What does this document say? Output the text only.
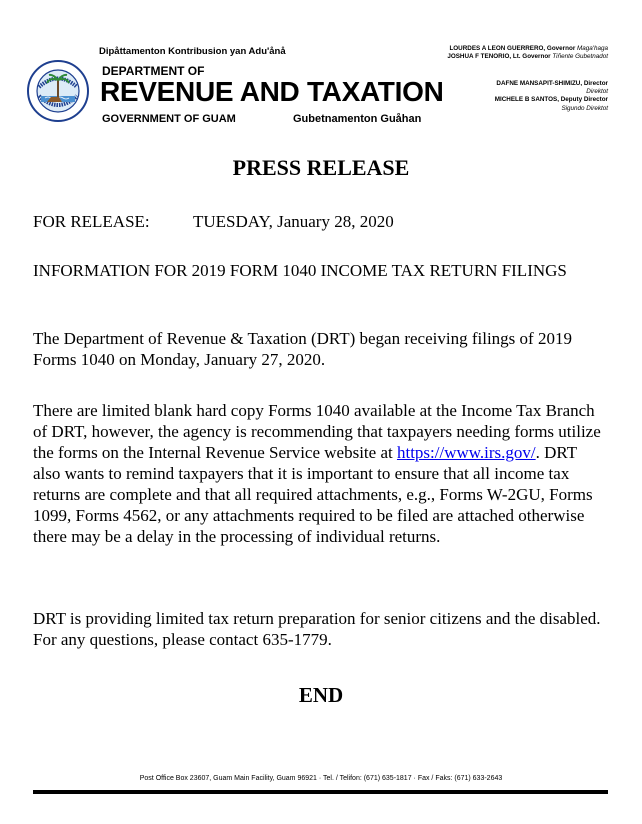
Dipåttamenton Kontribusion yan Adu'ånå
DEPARTMENT OF
REVENUE AND TAXATION
GOVERNMENT OF GUAM	Gubetnamenton Guåhan
LOURDES A LEON GUERRERO, Governor Maga'haga
JOSHUA F TENORIO, Lt. Governor Tiñente Gubetnadot
DAFNE MANSAPIT-SHIMIZU, Director
Direktot
MICHELE B SANTOS, Deputy Director
Sigundo Direktot
PRESS RELEASE
FOR RELEASE:	TUESDAY, January 28, 2020

INFORMATION FOR 2019 FORM 1040 INCOME TAX RETURN FILINGS

The Department of Revenue & Taxation (DRT) began receiving filings of 2019 Forms 1040 on Monday, January 27, 2020.

There are limited blank hard copy Forms 1040 available at the Income Tax Branch of DRT, however, the agency is recommending that taxpayers needing forms utilize the forms on the Internal Revenue Service website at https://www.irs.gov/. DRT also wants to remind taxpayers that it is important to ensure that all income tax returns are complete and that all required attachments, e.g., Forms W-2GU, Forms 1099, Forms 4562, or any attachments required to be filed are attached otherwise there may be a delay in the processing of individual returns.

DRT is providing limited tax return preparation for senior citizens and the disabled. For any questions, please contact 635-1779.

END
Post Office Box 23607, Guam Main Facility, Guam 96921 · Tel. / Telifon: (671) 635-1817 · Fax / Faks: (671) 633-2643
